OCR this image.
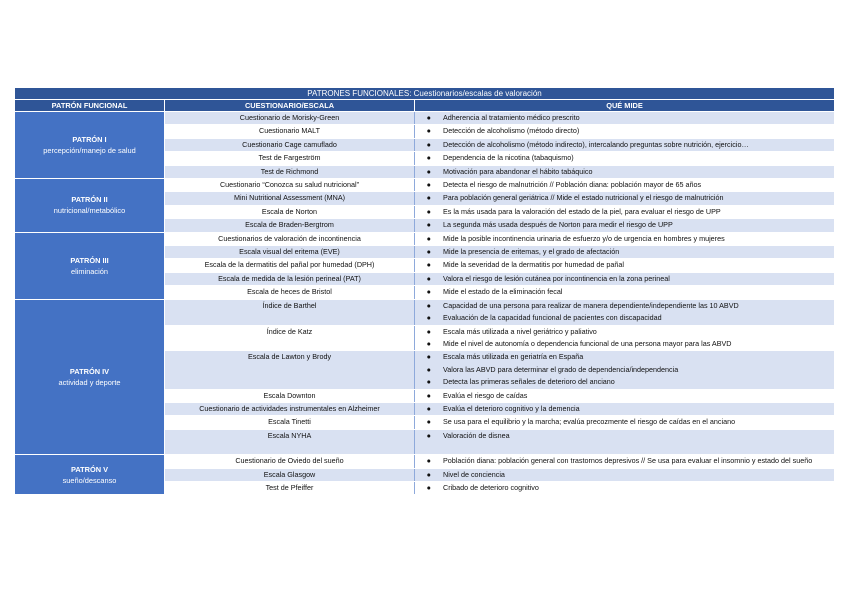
PATRONES FUNCIONALES: Cuestionarios/escalas de valoración
PATRÓN FUNCIONAL	CUESTIONARIO/ESCALA	QUÉ MIDE
PATRÓN I
percepción/manejo de salud
Cuestionario de Morisky-Green	●	Adherencia al tratamiento médico prescrito
Cuestionario MALT	●	Detección de alcoholismo (método directo)
Cuestionario Cage camuflado	●	Detección de alcoholismo (método indirecto), intercalando preguntas sobre nutrición, ejercicio…
Test de Fargeström	●	Dependencia de la nicotina (tabaquismo)
Test de Richmond	●	Motivación para abandonar el hábito tabáquico
PATRÓN II
nutricional/metabólico
Cuestionario “Conozca su salud nutricional”	●	Detecta el riesgo de malnutrición // Población diana: población mayor de 65 años
Mini Nutritional Assessment (MNA)	●	Para población general geriátrica // Mide el estado nutricional y el riesgo de malnutrición
Escala de Norton	●	Es la más usada para la valoración del estado de la piel, para evaluar el riesgo de UPP
Escala de Braden-Bergtrom	●	La segunda más usada después de Norton para medir el riesgo de UPP
PATRÓN III
eliminación
Cuestionarios de valoración de incontinencia	●	Mide la posible incontinencia urinaria de esfuerzo y/o de urgencia en hombres y mujeres
Escala visual del eritema (EVE)	●	Mide la presencia de eritemas, y el grado de afectación
Escala de la dermatitis del pañal por humedad (DPH)	●	Mide la severidad de la dermatitis por humedad de pañal
Escala de medida de la lesión perineal (PAT)	●	Valora el riesgo de lesión cutánea por incontinencia en la zona perineal
Escala de heces de Bristol	●	Mide el estado de la eliminación fecal
PATRÓN IV
actividad y deporte
Índice de Barthel	●	Capacidad de una persona para realizar de manera dependiente/independiente las 10 ABVD
●	Evaluación de la capacidad funcional de pacientes con discapacidad
Índice de Katz	●	Escala más utilizada a nivel geriátrico y paliativo
●	Mide el nivel de autonomía o dependencia funcional de una persona mayor para las ABVD
Escala de Lawton y Brody	●	Escala más utilizada en geriatría en España
●	Valora las ABVD para determinar el grado de dependencia/independencia
●	Detecta las primeras señales de deterioro del anciano
Escala Downton	●	Evalúa el riesgo de caídas
Cuestionario de actividades instrumentales en Alzheimer	●	Evalúa el deterioro cognitivo y la demencia
Escala Tinetti	●	Se usa para el equilibrio y la marcha; evalúa precozmente el riesgo de caídas en el anciano
Escala NYHA	●	Valoración de disnea
PATRÓN V
sueño/descanso
Cuestionario de Oviedo del sueño	●	Población diana: población general con trastornos depresivos // Se usa para evaluar el insomnio y estado del sueño
Escala Glasgow	●	Nivel de conciencia
Test de Pfeiffer	●	Cribado de deterioro cognitivo
